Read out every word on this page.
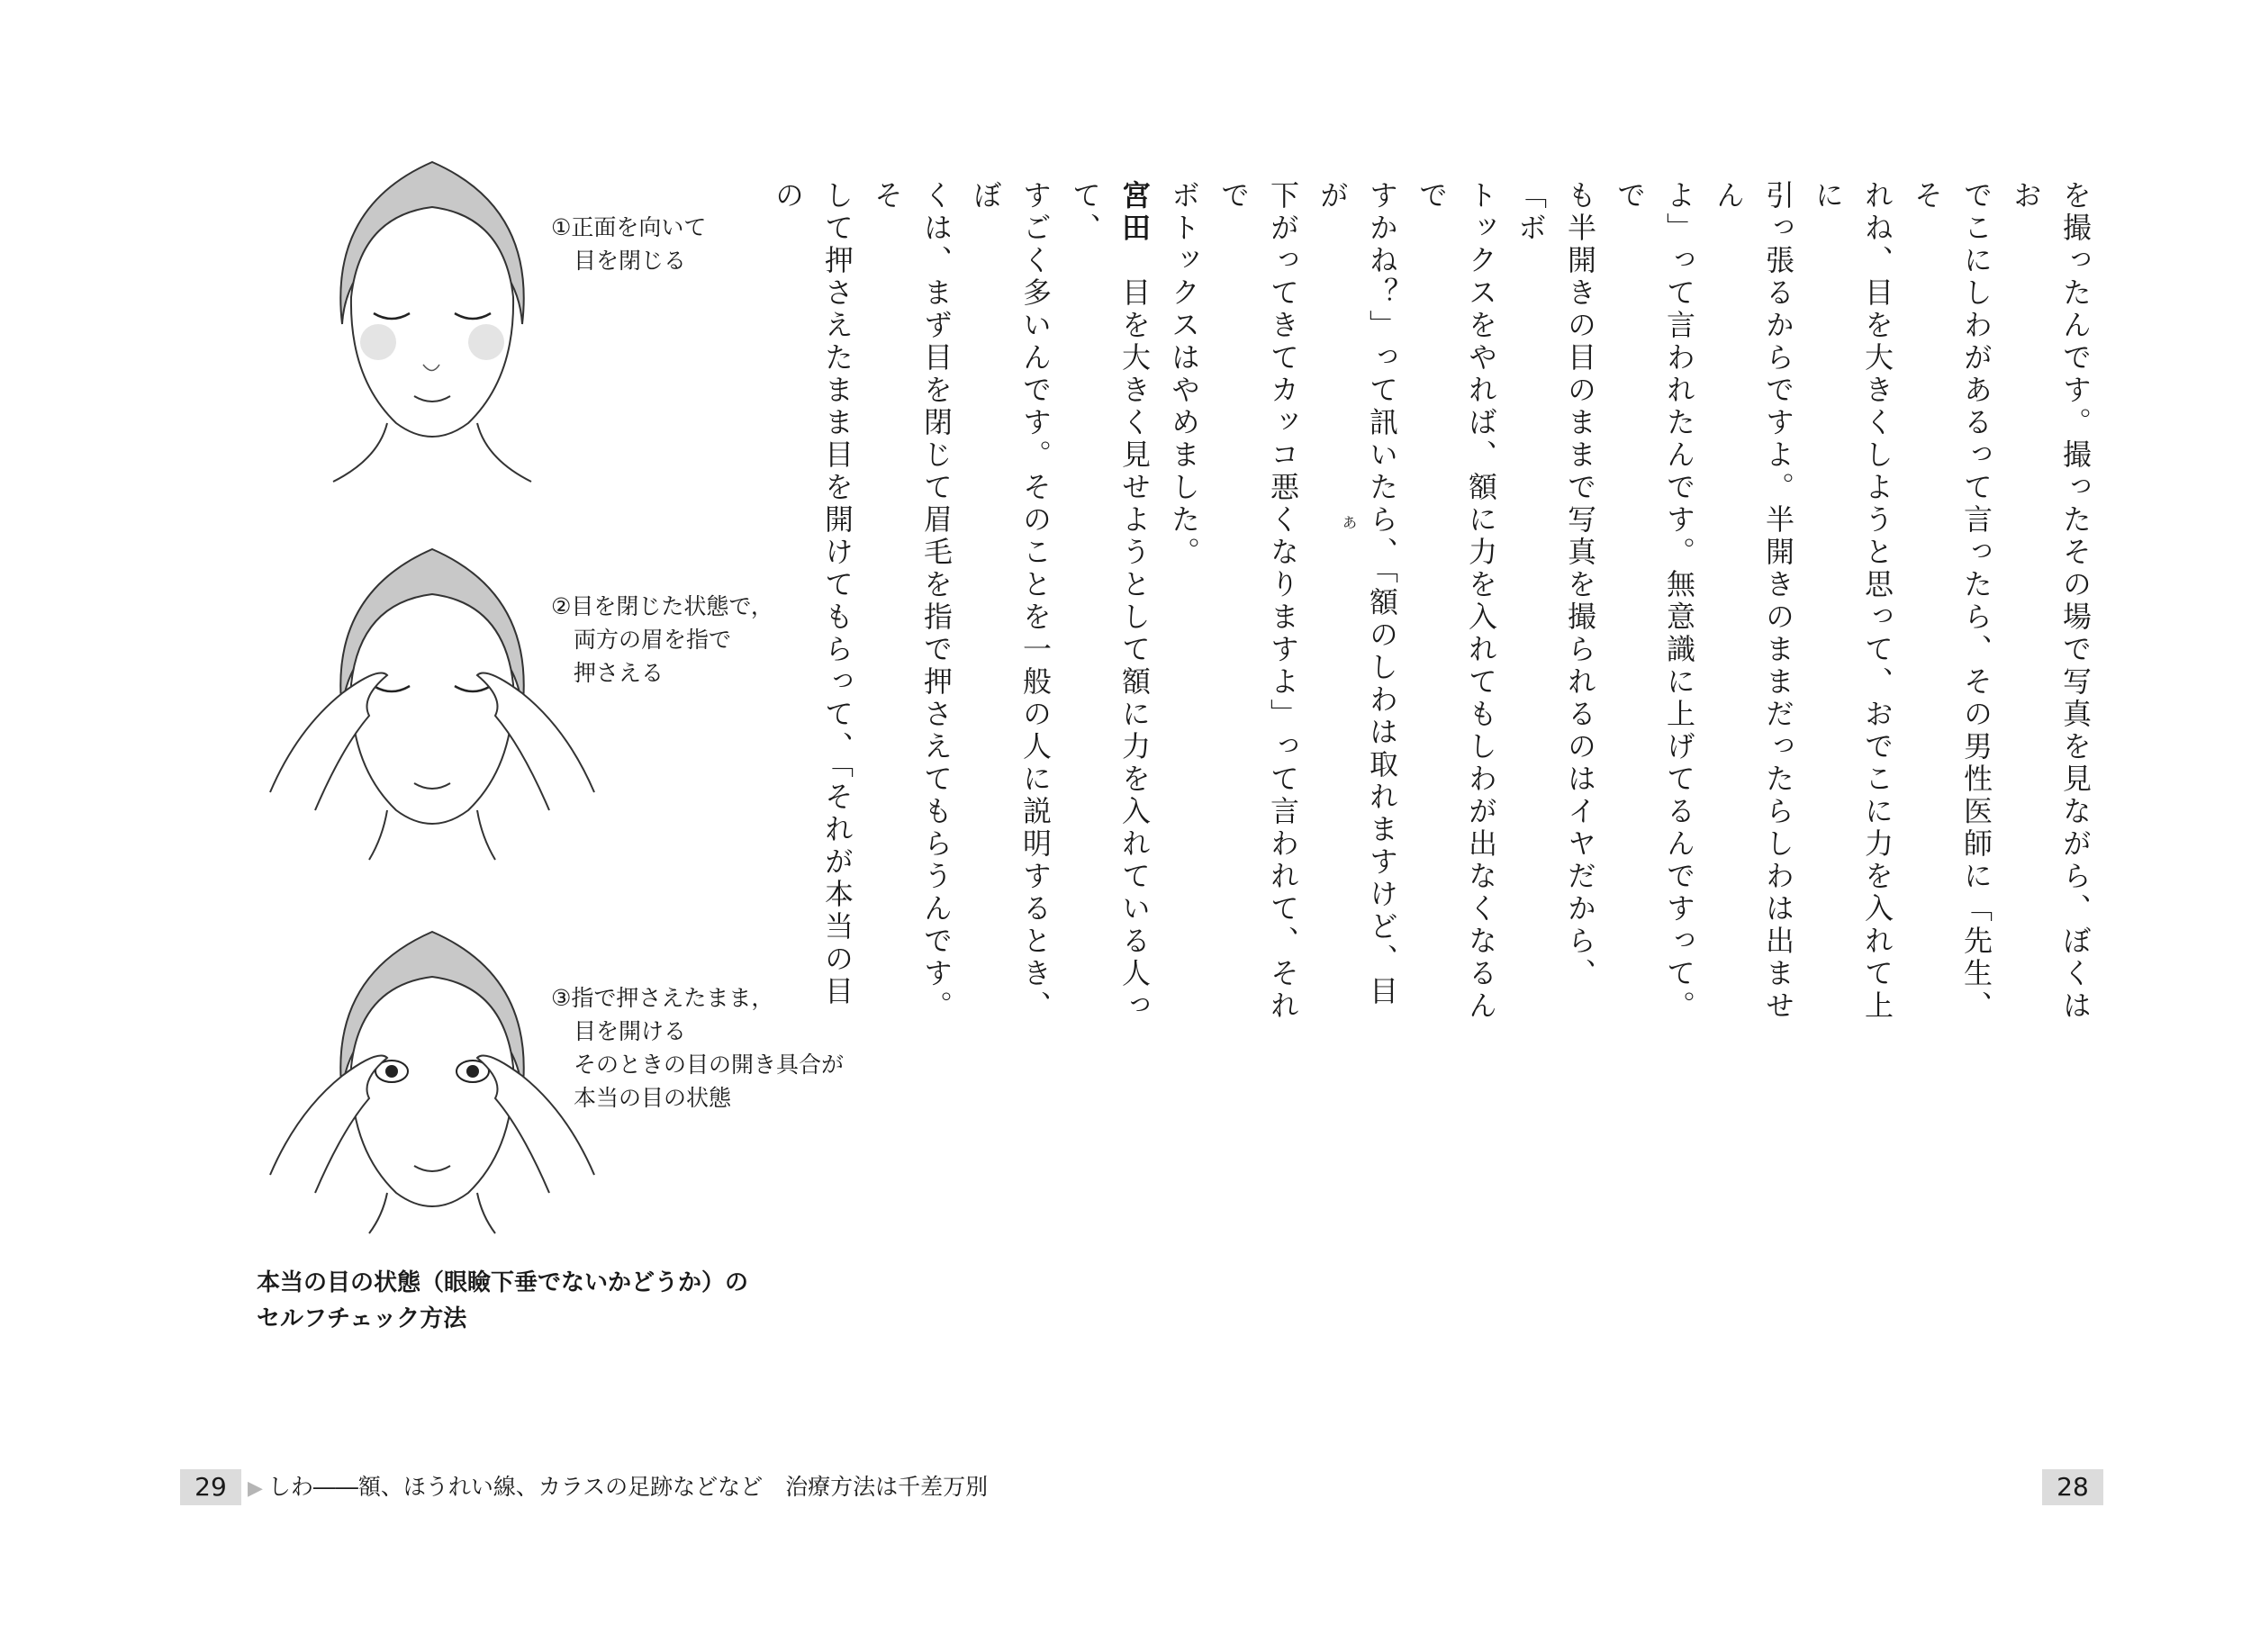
①正面を向いて
目を閉じる
②目を閉じた状態で，
両方の眉を指で
押さえる
③指で押さえたまま，
目を開ける
そのときの目の開き具合が
本当の目の状態
本当の目の状態（眼瞼下垂でないかどうか）の
セルフチェック方法
を撮ったんです。撮ったその場で写真を見ながら、ぼくはお
でこにしわがあるって言ったら、その男性医師に「先生、そ
れね、目を大きくしようと思って、おでこに力を入れて上に
引っ張るからですよ。半開きのままだったらしわは出ません
よ」って言われたんです。無意識に上げてるんですって。で
も半開きの目のままで写真を撮られるのはイヤだから、「ボ
トックスをやれば、額に力を入れてもしわが出なくなるんで
すかね？」って訊いたら、「額のしわは取れますけど、目が
下がってきてカッコ悪くなりますよ」って言われて、それで
ボトックスはやめました。
宮田　目を大きく見せようとして額に力を入れている人って、
すごく多いんです。そのことを一般の人に説明するとき、ぼ
くは、まず目を閉じて眉毛を指で押さえてもらうんです。そ
して押さえたまま目を開けてもらって、「それが本当の目の
あ
29	▶ しわ――額、ほうれい線、カラスの足跡などなど　治療方法は千差万別	28
